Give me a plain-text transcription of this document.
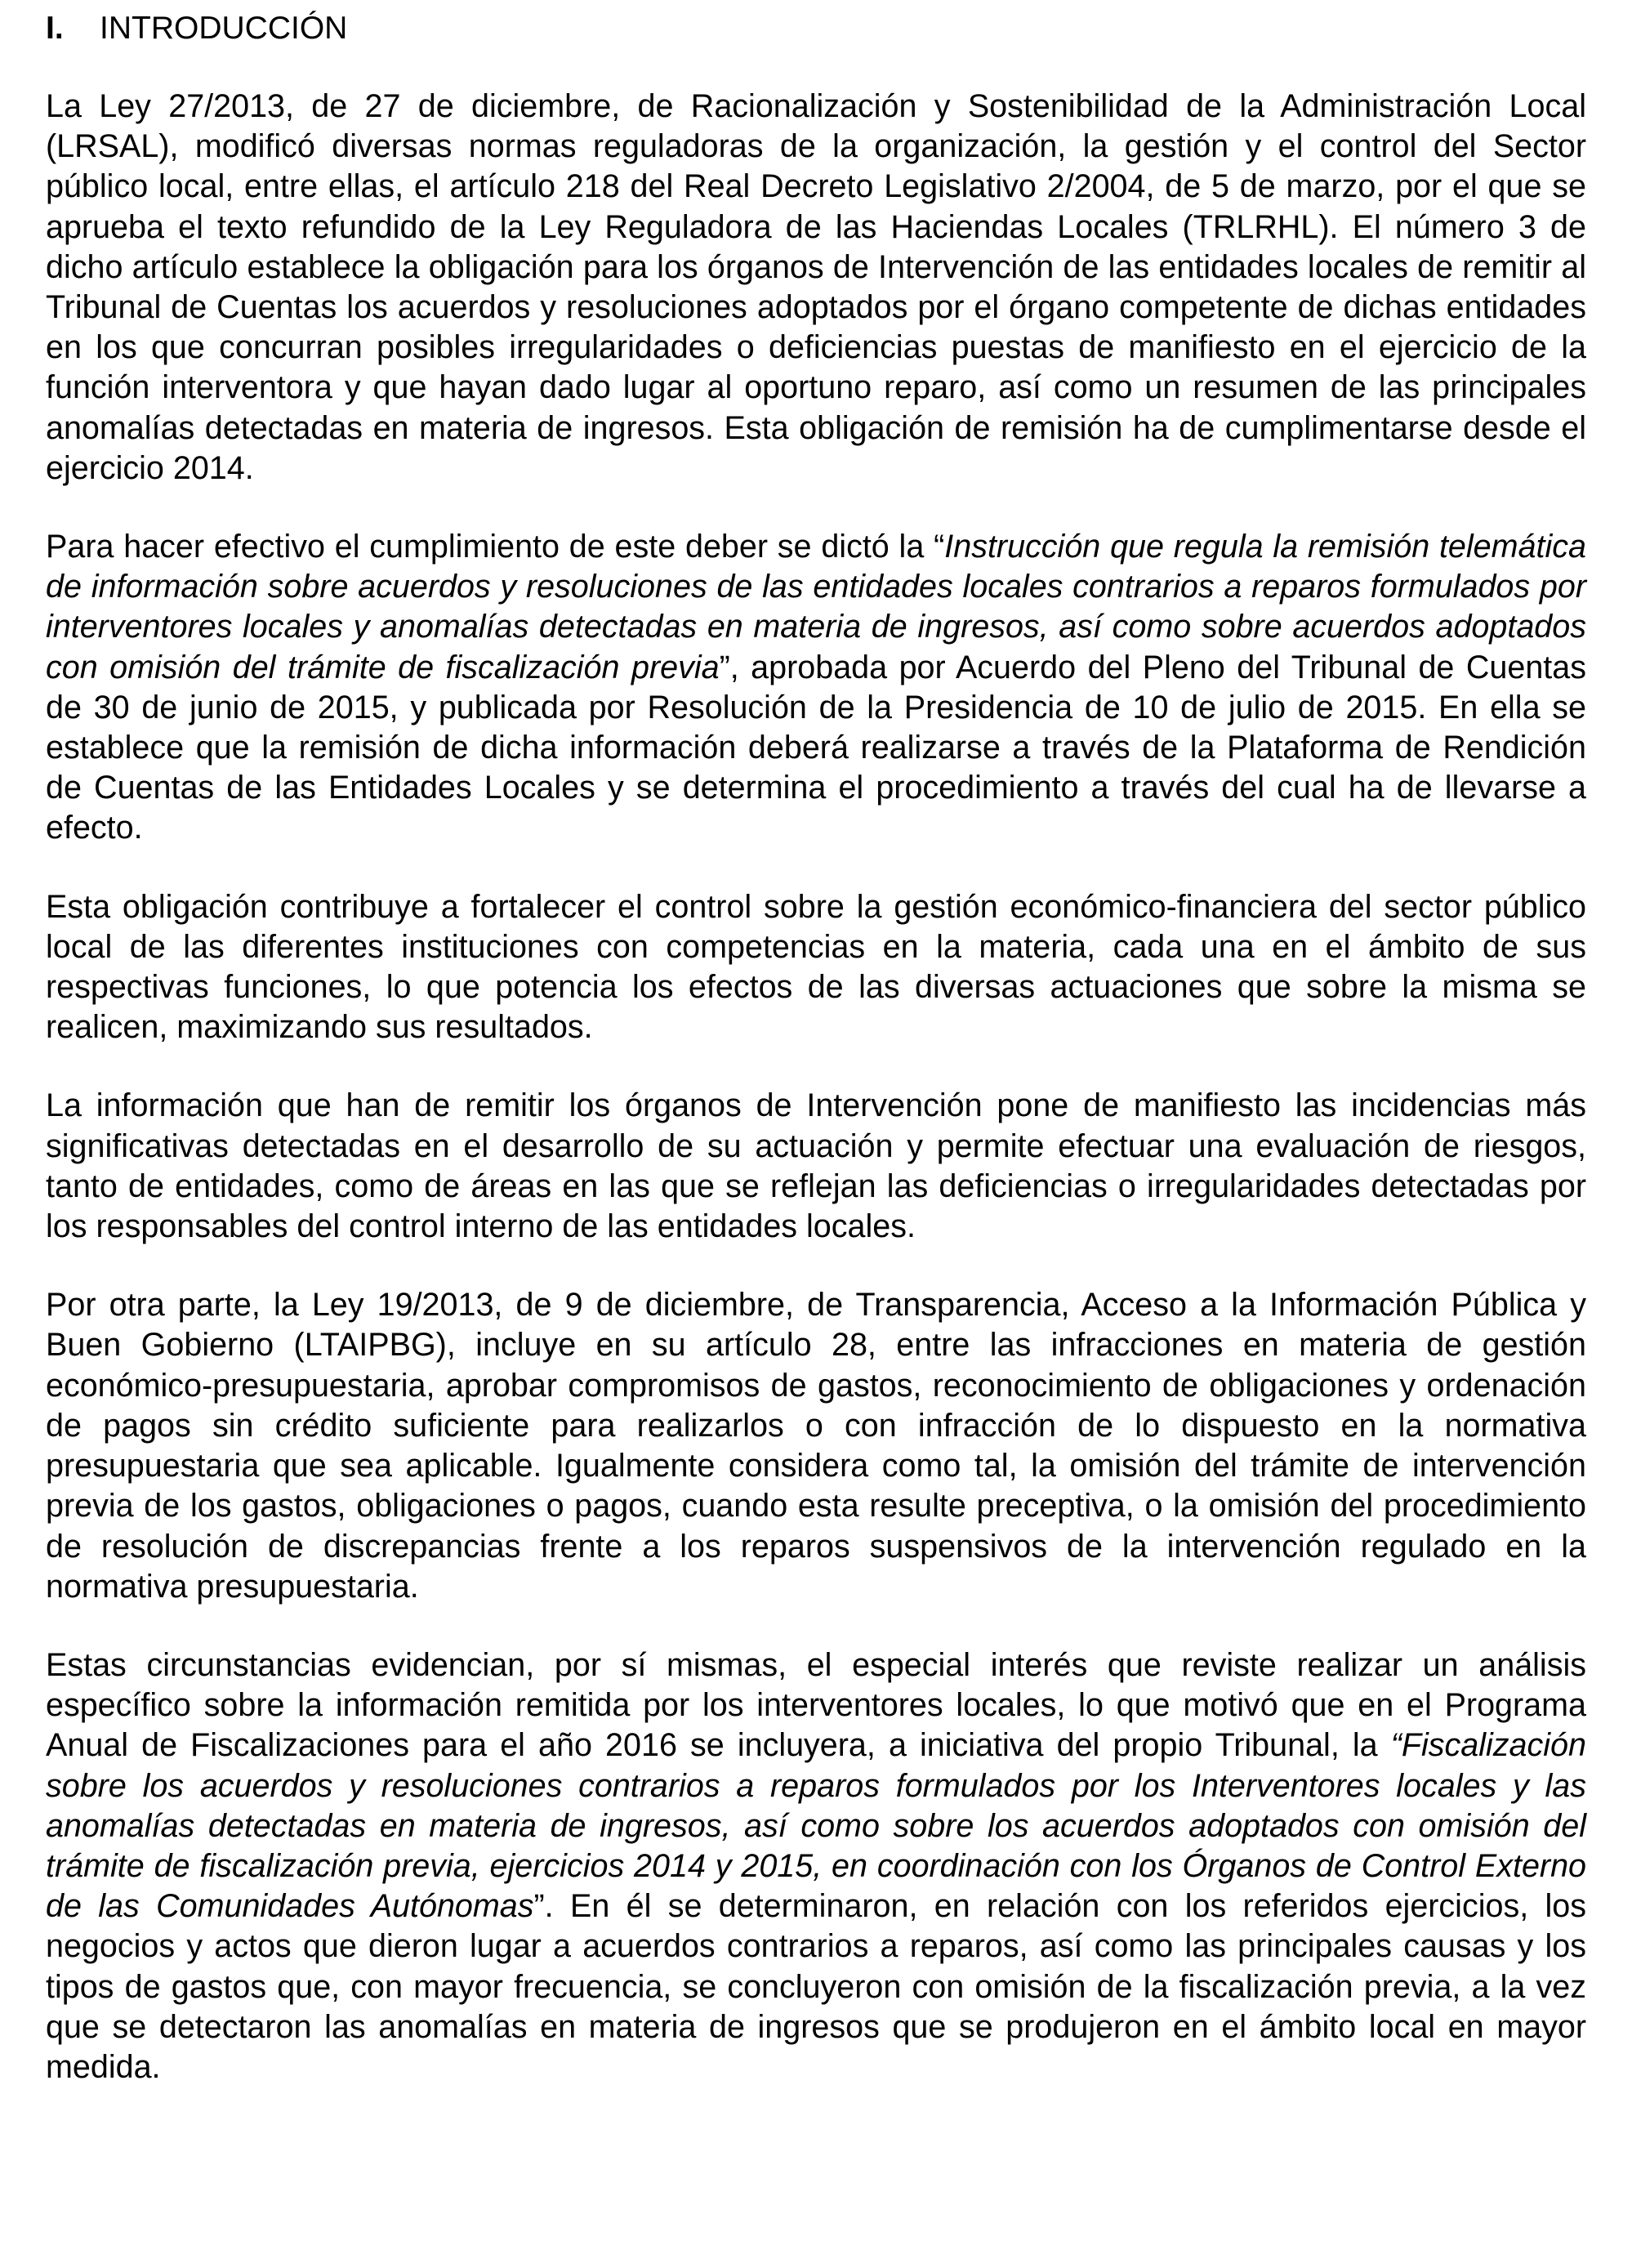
I. INTRODUCCIÓN

La Ley 27/2013, de 27 de diciembre, de Racionalización y Sostenibilidad de la Administración Local (LRSAL), modificó diversas normas reguladoras de la organización, la gestión y el control del Sector público local, entre ellas, el artículo 218 del Real Decreto Legislativo 2/2004, de 5 de marzo, por el que se aprueba el texto refundido de la Ley Reguladora de las Haciendas Locales (TRLRHL). El número 3 de dicho artículo establece la obligación para los órganos de Intervención de las entidades locales de remitir al Tribunal de Cuentas los acuerdos y resoluciones adoptados por el órgano competente de dichas entidades en los que concurran posibles irregularidades o deficiencias puestas de manifiesto en el ejercicio de la función interventora y que hayan dado lugar al oportuno reparo, así como un resumen de las principales anomalías detectadas en materia de ingresos. Esta obligación de remisión ha de cumplimentarse desde el ejercicio 2014.

Para hacer efectivo el cumplimiento de este deber se dictó la “Instrucción que regula la remisión telemática de información sobre acuerdos y resoluciones de las entidades locales contrarios a reparos formulados por interventores locales y anomalías detectadas en materia de ingresos, así como sobre acuerdos adoptados con omisión del trámite de fiscalización previa”, aprobada por Acuerdo del Pleno del Tribunal de Cuentas de 30 de junio de 2015, y publicada por Resolución de la Presidencia de 10 de julio de 2015. En ella se establece que la remisión de dicha información deberá realizarse a través de la Plataforma de Rendición de Cuentas de las Entidades Locales y se determina el procedimiento a través del cual ha de llevarse a efecto.

Esta obligación contribuye a fortalecer el control sobre la gestión económico-financiera del sector público local de las diferentes instituciones con competencias en la materia, cada una en el ámbito de sus respectivas funciones, lo que potencia los efectos de las diversas actuaciones que sobre la misma se realicen, maximizando sus resultados.

La información que han de remitir los órganos de Intervención pone de manifiesto las incidencias más significativas detectadas en el desarrollo de su actuación y permite efectuar una evaluación de riesgos, tanto de entidades, como de áreas en las que se reflejan las deficiencias o irregularidades detectadas por los responsables del control interno de las entidades locales.

Por otra parte, la Ley 19/2013, de 9 de diciembre, de Transparencia, Acceso a la Información Pública y Buen Gobierno (LTAIPBG), incluye en su artículo 28, entre las infracciones en materia de gestión económico-presupuestaria, aprobar compromisos de gastos, reconocimiento de obligaciones y ordenación de pagos sin crédito suficiente para realizarlos o con infracción de lo dispuesto en la normativa presupuestaria que sea aplicable. Igualmente considera como tal, la omisión del trámite de intervención previa de los gastos, obligaciones o pagos, cuando esta resulte preceptiva, o la omisión del procedimiento de resolución de discrepancias frente a los reparos suspensivos de la intervención regulado en la normativa presupuestaria.

Estas circunstancias evidencian, por sí mismas, el especial interés que reviste realizar un análisis específico sobre la información remitida por los interventores locales, lo que motivó que en el Programa Anual de Fiscalizaciones para el año 2016 se incluyera, a iniciativa del propio Tribunal, la “Fiscalización sobre los acuerdos y resoluciones contrarios a reparos formulados por los Interventores locales y las anomalías detectadas en materia de ingresos, así como sobre los acuerdos adoptados con omisión del trámite de fiscalización previa, ejercicios 2014 y 2015, en coordinación con los Órganos de Control Externo de las Comunidades Autónomas”. En él se determinaron, en relación con los referidos ejercicios, los negocios y actos que dieron lugar a acuerdos contrarios a reparos, así como las principales causas y los tipos de gastos que, con mayor frecuencia, se concluyeron con omisión de la fiscalización previa, a la vez que se detectaron las anomalías en materia de ingresos que se produjeron en el ámbito local en mayor medida.
